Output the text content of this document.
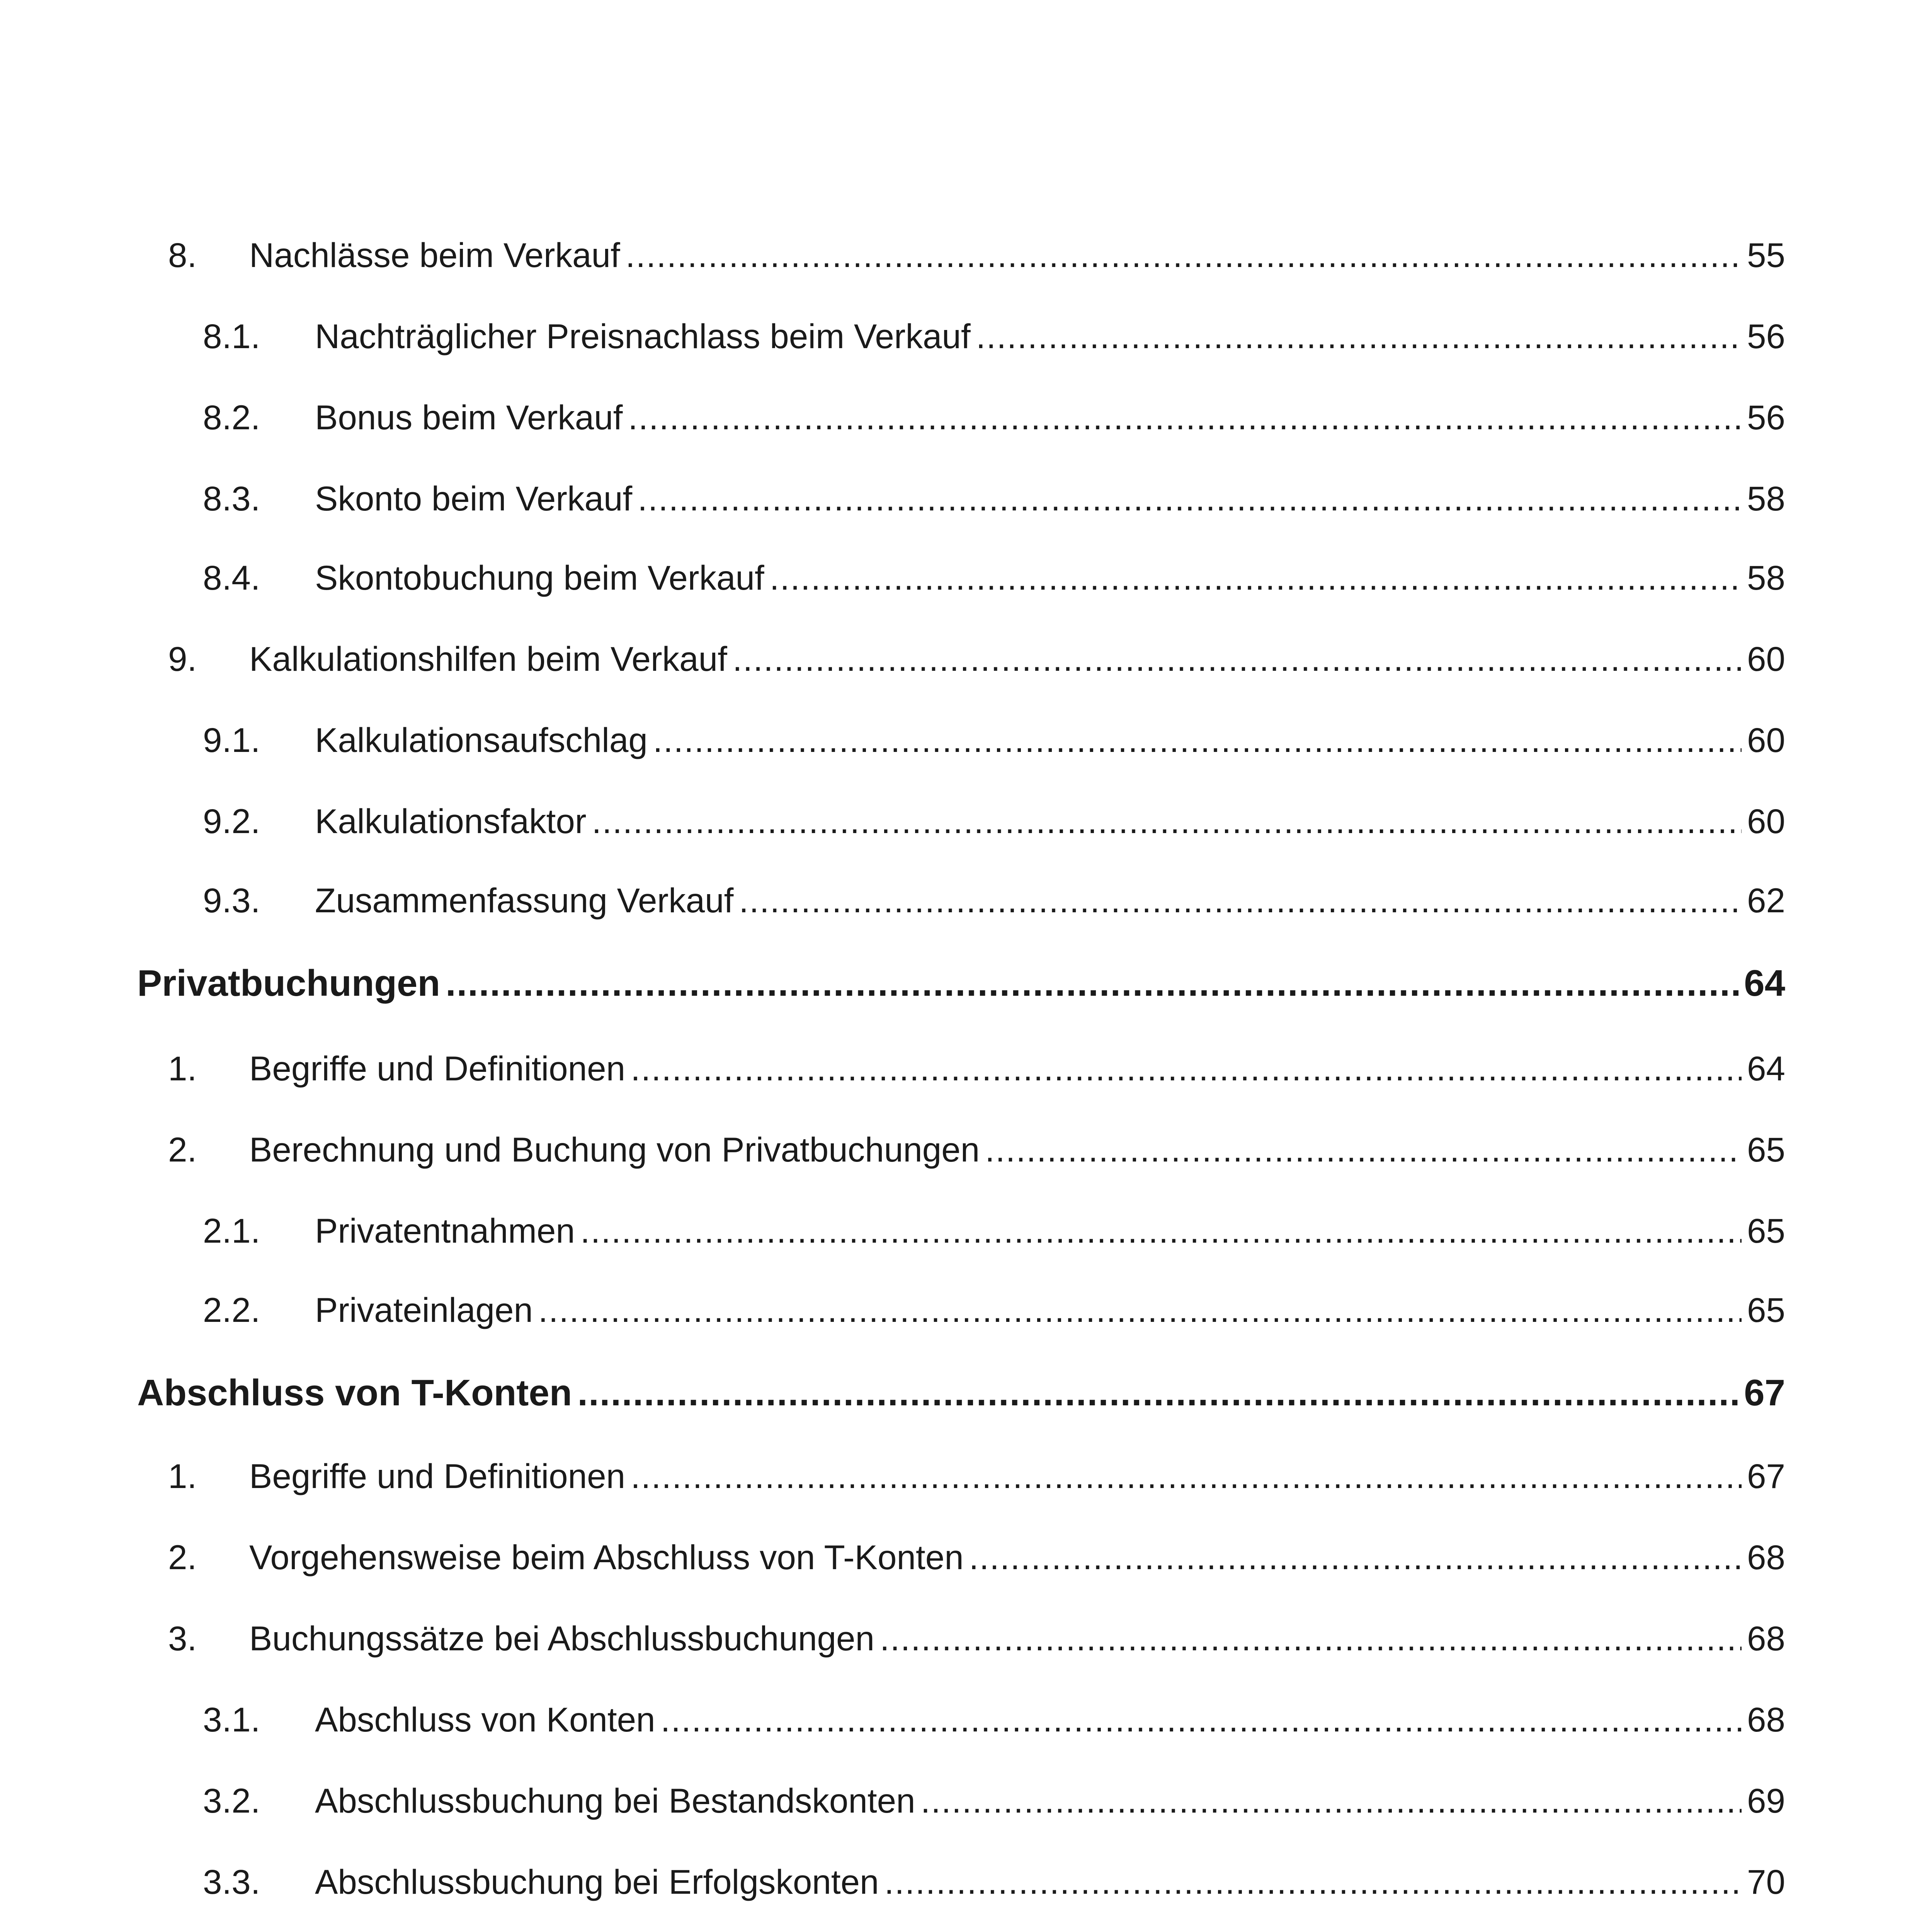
8.	Nachlässe beim Verkauf .....	55
8.1.	Nachträglicher Preisnachlass beim Verkauf .....	56
8.2.	Bonus beim Verkauf .....	56
8.3.	Skonto beim Verkauf .....	58
8.4.	Skontobuchung beim Verkauf .....	58
9.	Kalkulationshilfen beim Verkauf .....	60
9.1.	Kalkulationsaufschlag .....	60
9.2.	Kalkulationsfaktor .....	60
9.3.	Zusammenfassung Verkauf .....	62
Privatbuchungen .....	64
1.	Begriffe und Definitionen .....	64
2.	Berechnung und Buchung von Privatbuchungen .....	65
2.1.	Privatentnahmen .....	65
2.2.	Privateinlagen .....	65
Abschluss von T-Konten .....	67
1.	Begriffe und Definitionen .....	67
2.	Vorgehensweise beim Abschluss von T-Konten .....	68
3.	Buchungssätze bei Abschlussbuchungen .....	68
3.1.	Abschluss von Konten .....	68
3.2.	Abschlussbuchung bei Bestandskonten .....	69
3.3.	Abschlussbuchung bei Erfolgskonten .....	70
